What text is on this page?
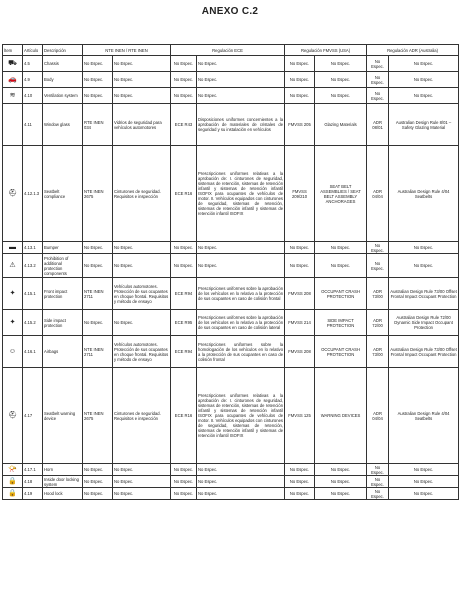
ANEXO C.2
Ítem	Artículo	Descripción	NTE INEN / RTE INEN		Regulación ECE		Regulación FMVSS (USA)		Regulación ADR (Australia)	
⛟	4.5	Chassis	No Espec.	No Espec.	No Espec.	No Espec.	No Espec.	No Espec.	No Espec.	No Espec.
🚗	4.9	Body	No Espec.	No Espec.	No Espec.	No Espec.	No Espec.	No Espec.	No Espec.	No Espec.
≋	4.10	Ventilation system	No Espec.	No Espec.	No Espec.	No Espec.	No Espec.	No Espec.	No Espec.	No Espec.
	4.11	Window glass	RTE INEN 034	Vidrios de seguridad para vehículos automotores	ECE R43	Disposiciones uniformes concernientes a la aprobación de materiales de cristales de seguridad y su instalación en vehículos	FMVSS 205	Glazing Materials	ADR 08/01	Australian Design Rule 8/01 – Safety Glazing Material
⛑	4.12.1.3	Seatbelt compliance	NTE INEN 2675	Cinturones de seguridad. Requisitos e inspección	ECE R16	Prescripciones uniformes relativas a la aprobación de: I. cinturones de seguridad, sistemas de retención, sistemas de retención infantil y sistemas de retención infantil ISOFIX para ocupantes de vehículos de motor. II. Vehículos equipados con cinturones de seguridad, sistemas de retención, sistemas de retención infantil y sistemas de retención infantil ISOFIX	FMVSS 209/210	SEAT BELT ASSEMBLIES / SEAT BELT ASSEMBLY ANCHORAGES	ADR 04/04	Australian Design Rule 4/04 Seatbelts
▬	4.13.1	Bumper	No Espec.	No Espec.	No Espec.	No Espec.	No Espec.	No Espec.	No Espec.	No Espec.
⚠	4.13.2	Prohibition of additional protection components	No Espec.	No Espec.	No Espec.	No Espec.	No Espec.	No Espec.	No Espec.	No Espec.
✦	4.15.1	Front impact protection	NTE INEN 2711	Vehículos automotores. Protección de sus ocupantes en choque frontal. Requisitos y método de ensayo	ECE R94	Prescripciones uniformes sobre la aprobación de los vehículos en lo relativo a la protección de sus ocupantes en caso de colisión frontal	FMVSS 208	OCCUPANT CRASH PROTECTION	ADR 73/00	Australian Design Rule 73/00 Offset Frontal Impact Occupant Protection
✦	4.15.2	Side impact protection	No Espec.	No Espec.	ECE R95	Prescripciones uniformes sobre la aprobación de los vehículos en lo relativo a la protección de sus ocupantes en caso de colisión lateral	FMVSS 214	SIDE IMPACT PROTECTION	ADR 72/00	Australian Design Rule 72/00 Dynamic Side Impact Occupant Protection
☺	4.16.1	Airbags	NTE INEN 2711	Vehículos automotores. Protección de sus ocupantes en choque frontal. Requisitos y método de ensayo	ECE R94	Prescripciones uniformes sobre la homologación de los vehículos en lo relativo a la protección de sus ocupantes en caso de colisión frontal	FMVSS 208	OCCUPANT CRASH PROTECTION	ADR 73/00	Australian Design Rule 73/00 Offset Frontal Impact Occupant Protection
⛑	4.17	Seatbelt warning device	NTE INEN 2675	Cinturones de seguridad. Requisitos e inspección	ECE R16	Prescripciones uniformes relativas a la aprobación de: I. cinturones de seguridad, sistemas de retención, sistemas de retención infantil y sistemas de retención infantil ISOFIX para ocupantes de vehículos de motor. II. Vehículos equipados con cinturones de seguridad, sistemas de retención, sistemas de retención infantil y sistemas de retención infantil ISOFIX	FMVSS 125	WARNING DEVICES	ADR 04/04	Australian Design Rule 4/04 Seatbelts
📯	4.17.1	Horn	No Espec.	No Espec.	No Espec.	No Espec.	No Espec.	No Espec.	No Espec.	No Espec.
🔒	4.18	Inside door locking system	No Espec.	No Espec.	No Espec.	No Espec.	No Espec.	No Espec.	No Espec.	No Espec.
🔒	4.19	Hood lock	No Espec.	No Espec.	No Espec.	No Espec.	No Espec.	No Espec.	No Espec.	No Espec.
